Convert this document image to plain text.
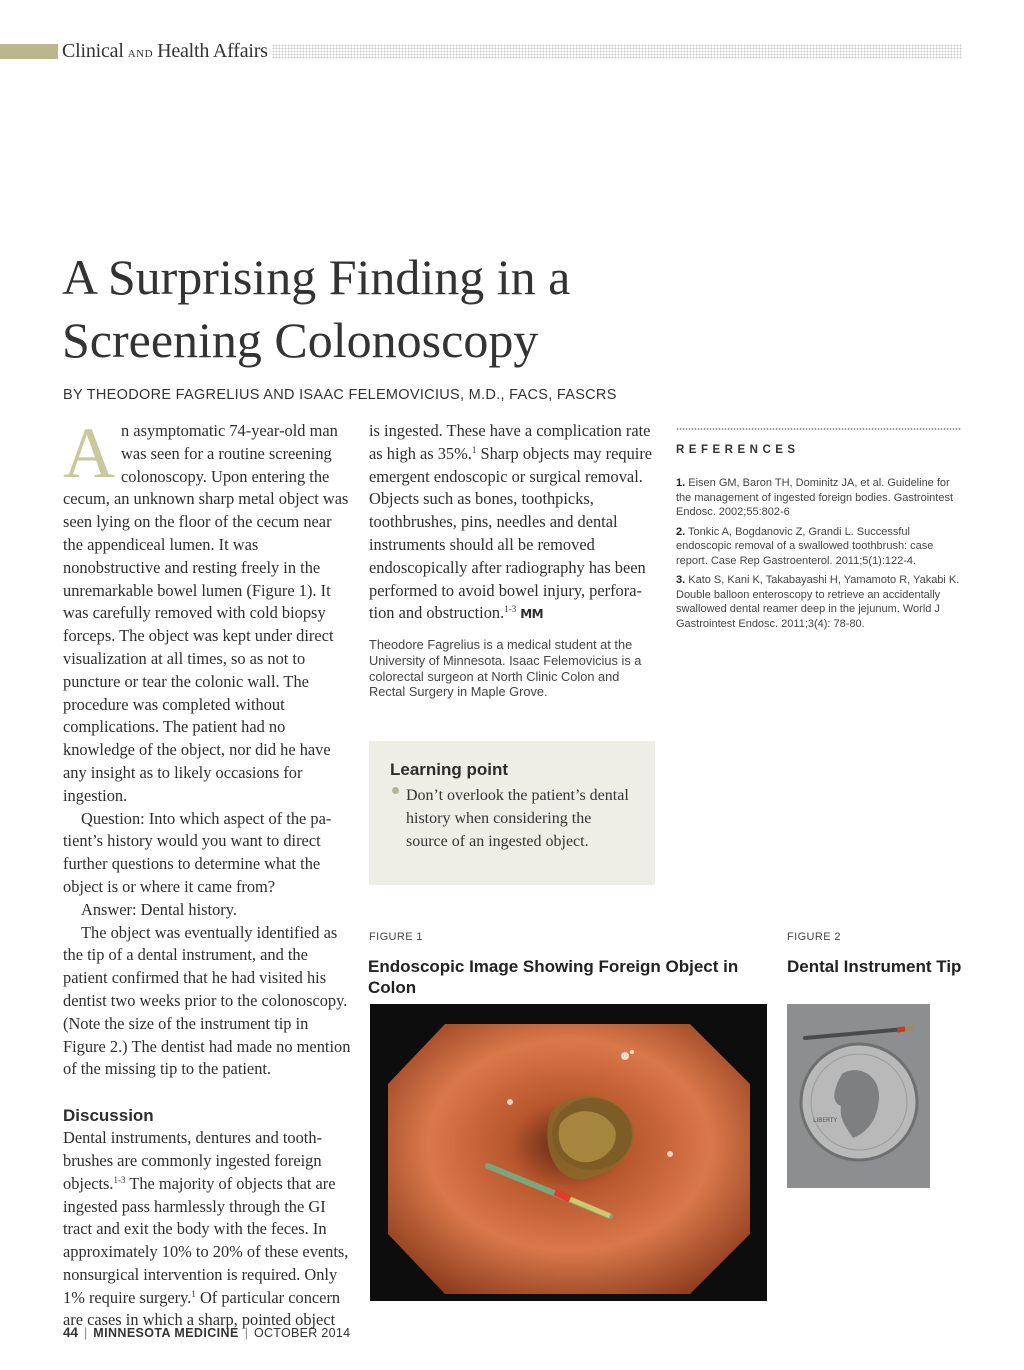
Clinical AND Health Affairs
A Surprising Finding in a
Screening Colonoscopy
BY THEODORE FAGRELIUS AND ISAAC FELEMOVICIUS, M.D., FACS, FASCRS

An asymptomatic 74-year-old man was seen for a routine screening colonoscopy. Upon entering the cecum, an unknown sharp metal object was seen lying on the floor of the cecum near the appendiceal lumen. It was nonobstructive and resting freely in the unremarkable bowel lumen (Figure 1). It was carefully removed with cold biopsy forceps. The object was kept under direct visualization at all times, so as not to puncture or tear the colonic wall. The procedure was completed without complications. The patient had no knowledge of the object, nor did he have any insight as to likely occasions for ingestion.

Question: Into which aspect of the patient’s history would you want to direct further questions to determine what the object is or where it came from?

Answer: Dental history.

The object was eventually identified as the tip of a dental instrument, and the patient confirmed that he had visited his dentist two weeks prior to the colonoscopy. (Note the size of the instrument tip in Figure 2.) The dentist had made no mention of the missing tip to the patient.

Discussion

Dental instruments, dentures and toothbrushes are commonly ingested foreign objects.$^{1-3}$ The majority of objects that are ingested pass harmlessly through the GI tract and exit the body with the feces. In approximately 10% to 20% of these events, nonsurgical intervention is required. Only 1% require surgery.$^1$ Of particular concern are cases in which a sharp, pointed object

is ingested. These have a complication rate as high as 35%.$^1$ Sharp objects may require emergent endoscopic or surgical removal. Objects such as bones, toothpicks, toothbrushes, pins, needles and dental instruments should all be removed endoscopically after radiography has been performed to avoid bowel injury, perforation and obstruction.$^{1-3}$ MM

Theodore Fagrelius is a medical student at the University of Minnesota. Isaac Felemovicius is a colorectal surgeon at North Clinic Colon and Rectal Surgery in Maple Grove.
Learning point
Don’t overlook the patient’s dental history when considering the source of an ingested object.
REFERENCES
1. Eisen GM, Baron TH, Dominitz JA, et al. Guideline for the management of ingested foreign bodies. Gastrointest Endosc. 2002;55:802-6
2. Tonkic A, Bogdanovic Z, Grandi L. Successful endoscopic removal of a swallowed toothbrush: case report. Case Rep Gastroenterol. 2011;5(1):122-4.
3. Kato S, Kani K, Takabayashi H, Yamamoto R, Yakabi K. Double balloon enteroscopy to retrieve an accidentally swallowed dental reamer deep in the jejunum. World J Gastrointest Endosc. 2011;3(4): 78-80.
FIGURE 1
Endoscopic Image Showing Foreign Object in Colon
FIGURE 2
Dental Instrument Tip
LIBERTY
44 | MINNESOTA MEDICINE | OCTOBER 2014
